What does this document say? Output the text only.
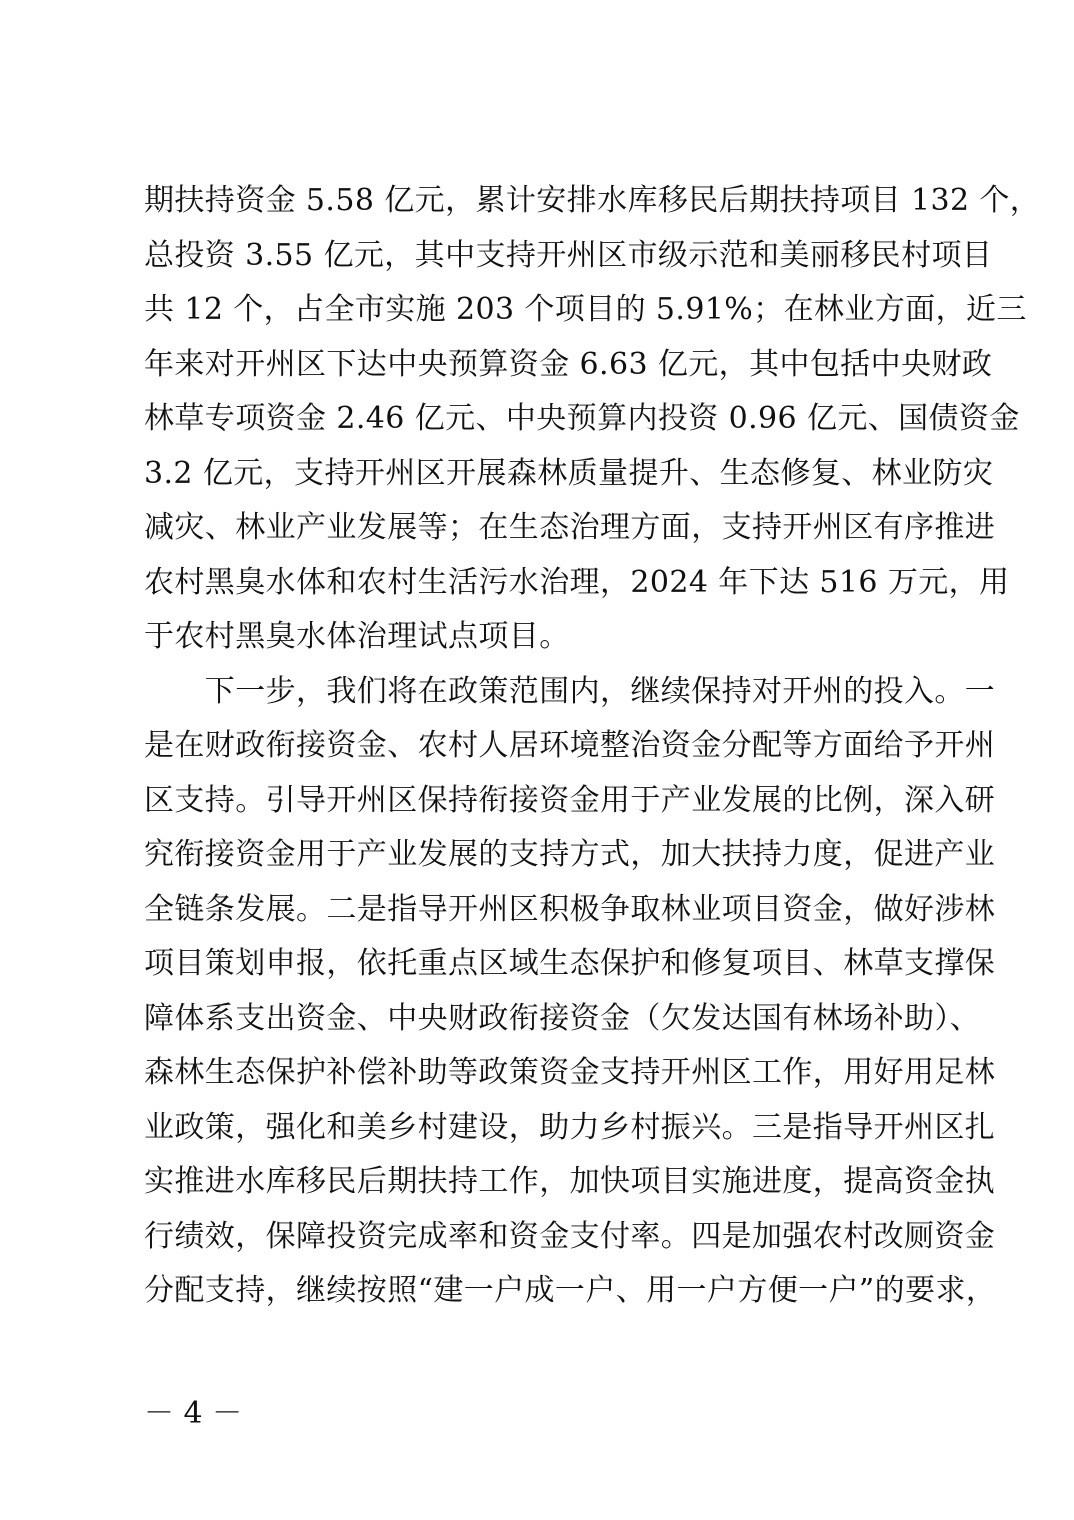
期扶持资金 5.58 亿元，累计安排水库移民后期扶持项目 132 个，
总投资 3.55 亿元，其中支持开州区市级示范和美丽移民村项目
共 12 个，占全市实施 203 个项目的 5.91%；在林业方面，近三
年来对开州区下达中央预算资金 6.63 亿元，其中包括中央财政
林草专项资金 2.46 亿元、中央预算内投资 0.96 亿元、国债资金
3.2 亿元，支持开州区开展森林质量提升、生态修复、林业防灾
减灾、林业产业发展等；在生态治理方面，支持开州区有序推进
农村黑臭水体和农村生活污水治理，2024 年下达 516 万元，用
于农村黑臭水体治理试点项目。
　　下一步，我们将在政策范围内，继续保持对开州的投入。一
是在财政衔接资金、农村人居环境整治资金分配等方面给予开州
区支持。引导开州区保持衔接资金用于产业发展的比例，深入研
究衔接资金用于产业发展的支持方式，加大扶持力度，促进产业
全链条发展。二是指导开州区积极争取林业项目资金，做好涉林
项目策划申报，依托重点区域生态保护和修复项目、林草支撑保
障体系支出资金、中央财政衔接资金（欠发达国有林场补助）、
森林生态保护补偿补助等政策资金支持开州区工作，用好用足林
业政策，强化和美乡村建设，助力乡村振兴。三是指导开州区扎
实推进水库移民后期扶持工作，加快项目实施进度，提高资金执
行绩效，保障投资完成率和资金支付率。四是加强农村改厕资金
分配支持，继续按照“建一户成一户、用一户方便一户”的要求，
－ 4 －
